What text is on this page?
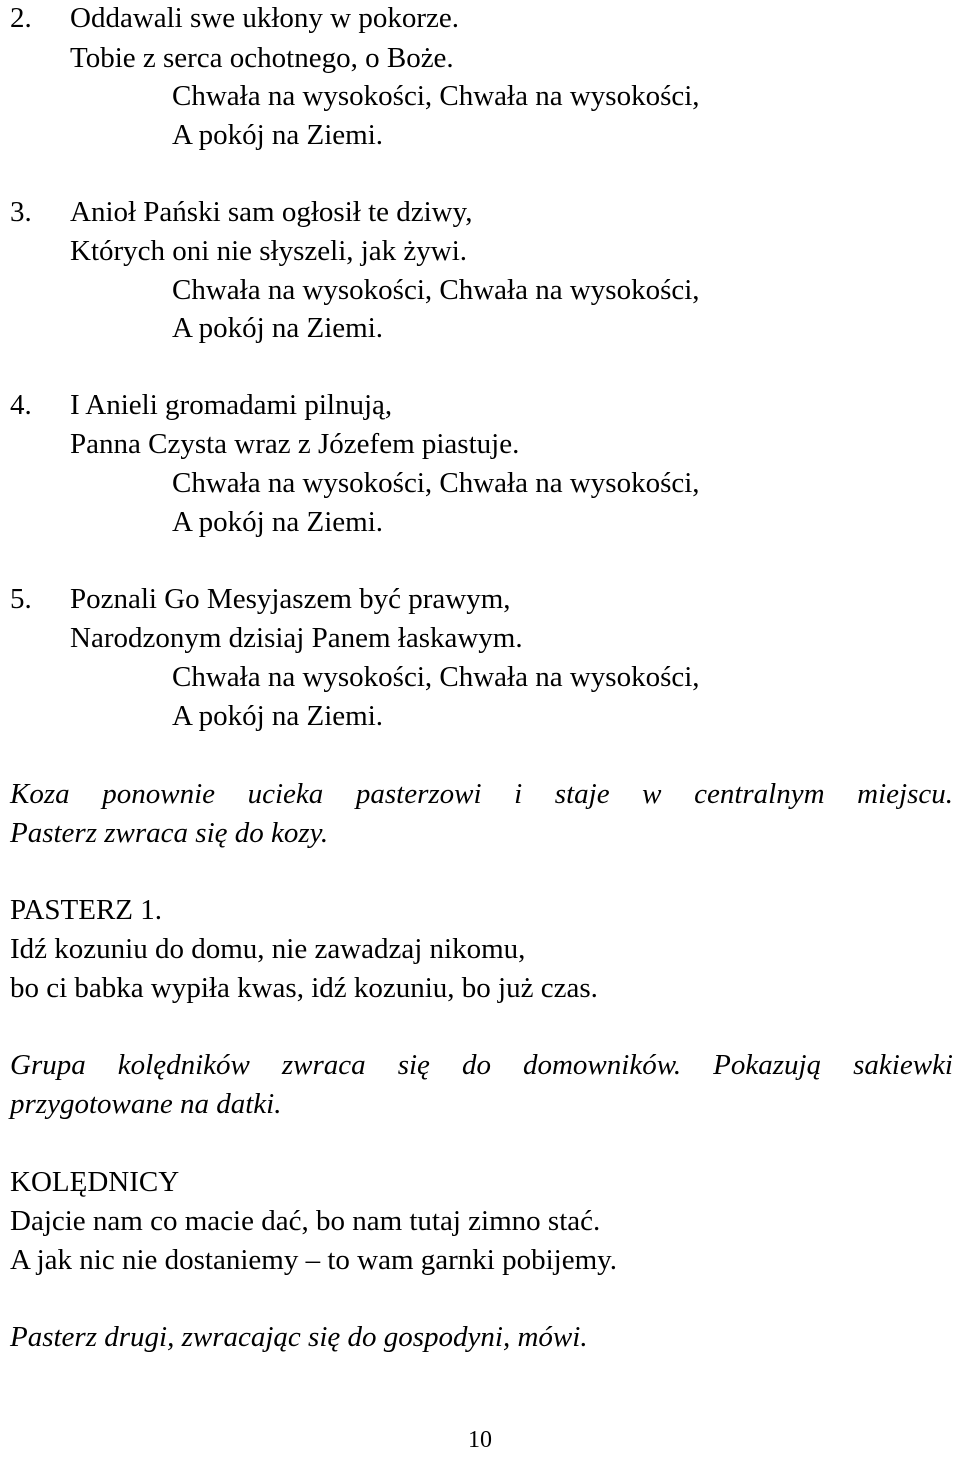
2. Oddawali swe ukłony w pokorze.
Tobie z serca ochotnego, o Boże.
Chwała na wysokości, Chwała na wysokości,
A pokój na Ziemi.
3. Anioł Pański sam ogłosił te dziwy,
Których oni nie słyszeli, jak żywi.
Chwała na wysokości, Chwała na wysokości,
A pokój na Ziemi.
4. I Anieli gromadami pilnują,
Panna Czysta wraz z Józefem piastuje.
Chwała na wysokości, Chwała na wysokości,
A pokój na Ziemi.
5. Poznali Go Mesyjaszem być prawym,
Narodzonym dzisiaj Panem łaskawym.
Chwała na wysokości, Chwała na wysokości,
A pokój na Ziemi.
Koza ponownie ucieka pasterzowi i staje w centralnym miejscu.
Pasterz zwraca się do kozy.
PASTERZ 1.
Idź kozuniu do domu, nie zawadzaj nikomu,
bo ci babka wypiła kwas, idź kozuniu, bo już czas.
Grupa kolędników zwraca się do domowników. Pokazują sakiewki
przygotowane na datki.
KOLĘDNICY
Dajcie nam co macie dać, bo nam tutaj zimno stać.
A jak nic nie dostaniemy – to wam garnki pobijemy.
Pasterz drugi, zwracając się do gospodyni, mówi.
10
